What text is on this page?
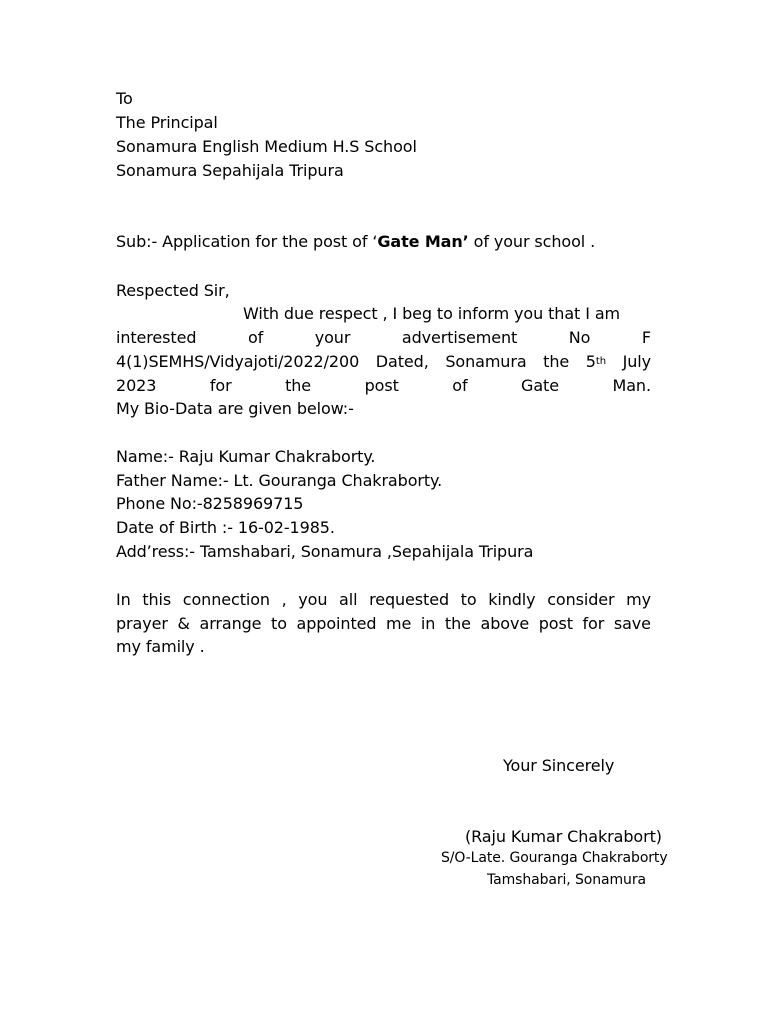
To
The Principal
Sonamura English Medium H.S School
Sonamura Sepahijala Tripura
Sub:- Application for the post of ‘Gate Man’ of your school .
Respected Sir,
With due respect , I beg to inform you that I am
interested	of	your	advertisement	No	F
4(1)SEMHS/Vidyajoti/2022/200 Dated, Sonamura the 5th July
2023	for	the	post	of	Gate	Man.
My Bio-Data are given below:-
Name:- Raju Kumar Chakraborty.
Father Name:- Lt. Gouranga Chakraborty.
Phone No:-8258969715
Date of Birth :- 16-02-1985.
Add’ress:- Tamshabari, Sonamura ,Sepahijala Tripura
In this connection , you all requested to kindly consider my
prayer & arrange to appointed me in the above post for save
my family .
Your Sincerely
(Raju Kumar Chakrabort)
S/O-Late. Gouranga Chakraborty
Tamshabari, Sonamura
